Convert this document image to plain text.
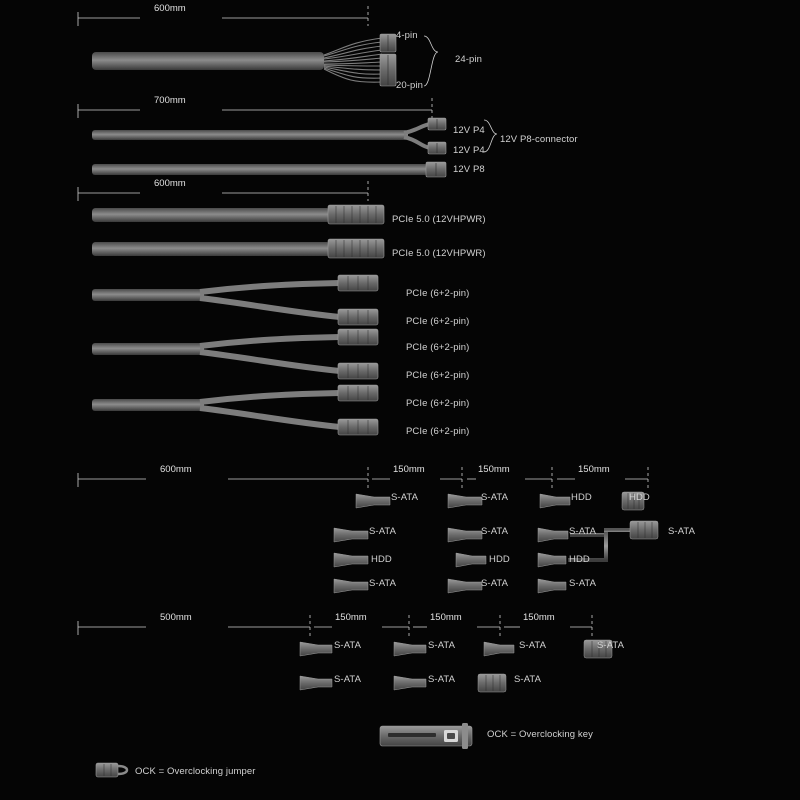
600mm
700mm
600mm
600mm	150mm	150mm	150mm
500mm	150mm	150mm	150mm
4-pin
24-pin
20-pin
12V P4
12V P8-connector
12V P4
12V P8
PCIe 5.0 (12VHPWR)
PCIe 5.0 (12VHPWR)
PCIe (6+2-pin)
PCIe (6+2-pin)
PCIe (6+2-pin)
PCIe (6+2-pin)
PCIe (6+2-pin)
PCIe (6+2-pin)
S-ATA	S-ATA	HDD	HDD
S-ATA	S-ATA	S-ATA	S-ATA
HDD	HDD	HDD
S-ATA	S-ATA	S-ATA
S-ATA	S-ATA	S-ATA	S-ATA
S-ATA	S-ATA	S-ATA
OCK = Overclocking key
OCK = Overclocking jumper
